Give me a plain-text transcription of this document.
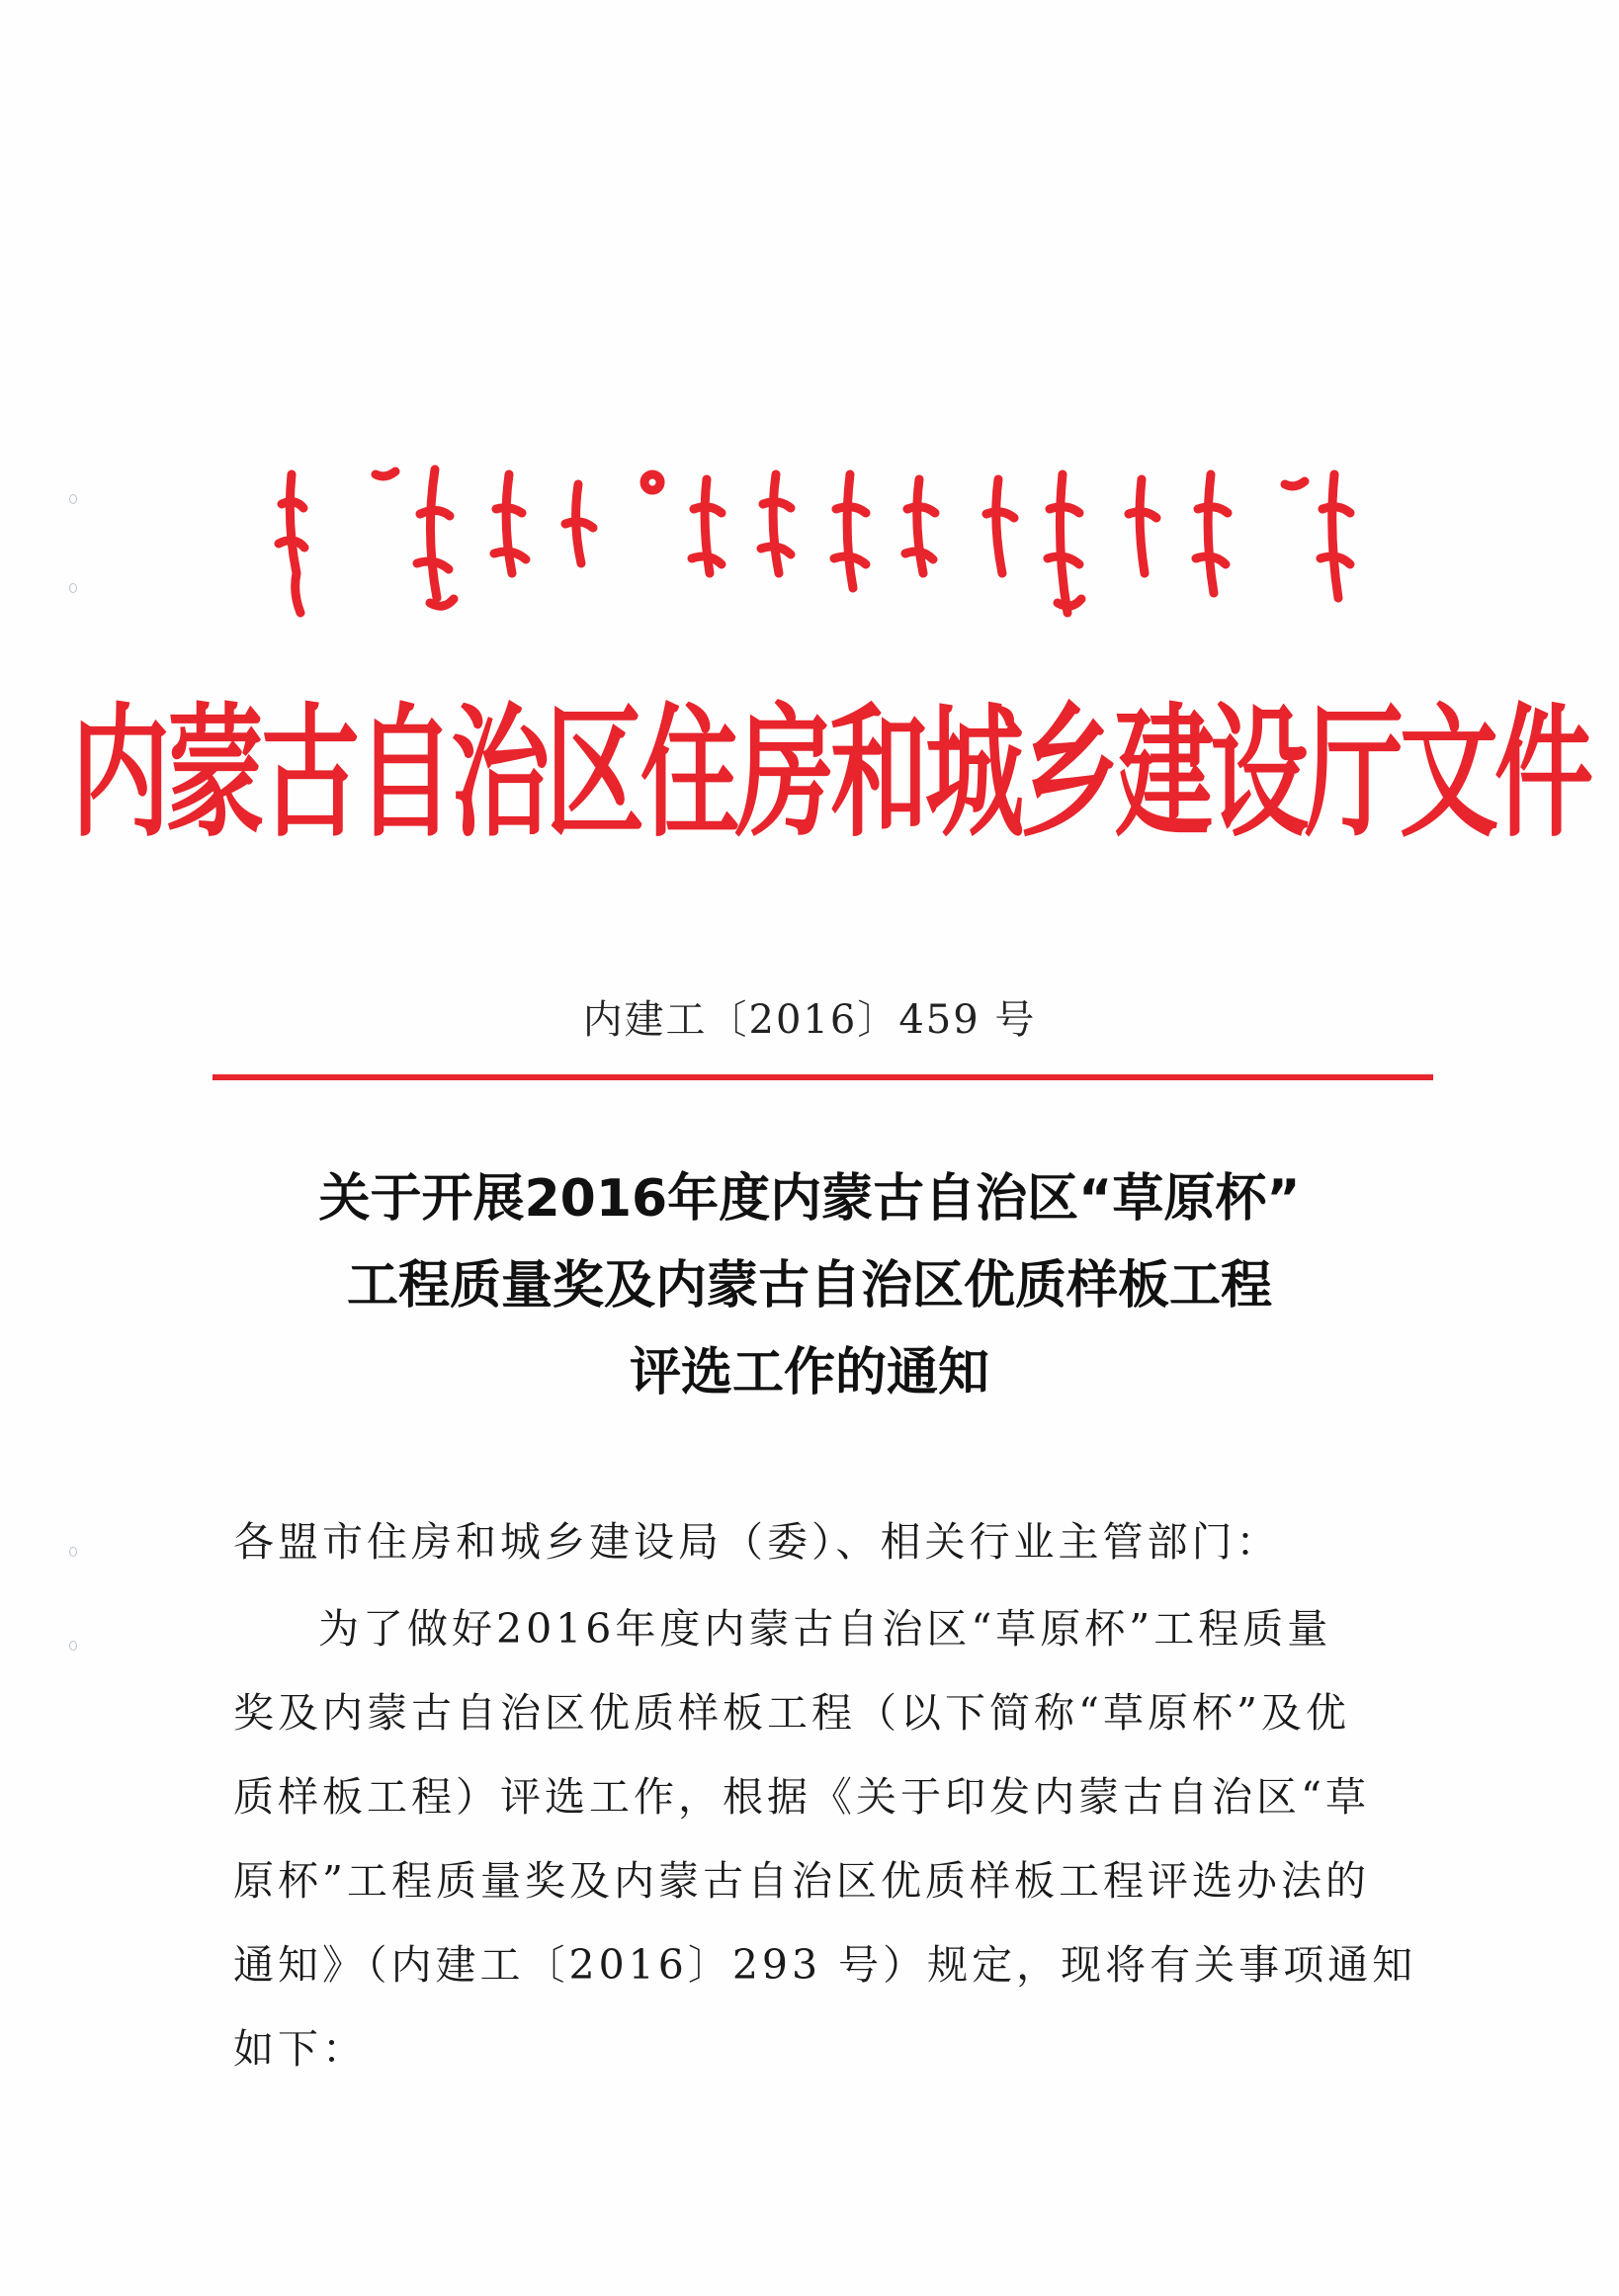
内蒙古自治区住房和城乡建设厅文件
内建工〔2016〕459 号
关于开展2016年度内蒙古自治区“草原杯”
工程质量奖及内蒙古自治区优质样板工程
评选工作的通知
各盟市住房和城乡建设局（委）、相关行业主管部门：
为了做好2016年度内蒙古自治区“草原杯”工程质量
奖及内蒙古自治区优质样板工程（以下简称“草原杯”及优
质样板工程）评选工作，根据《关于印发内蒙古自治区“草
原杯”工程质量奖及内蒙古自治区优质样板工程评选办法的
通知》（内建工〔2016〕293 号）规定，现将有关事项通知
如下：
